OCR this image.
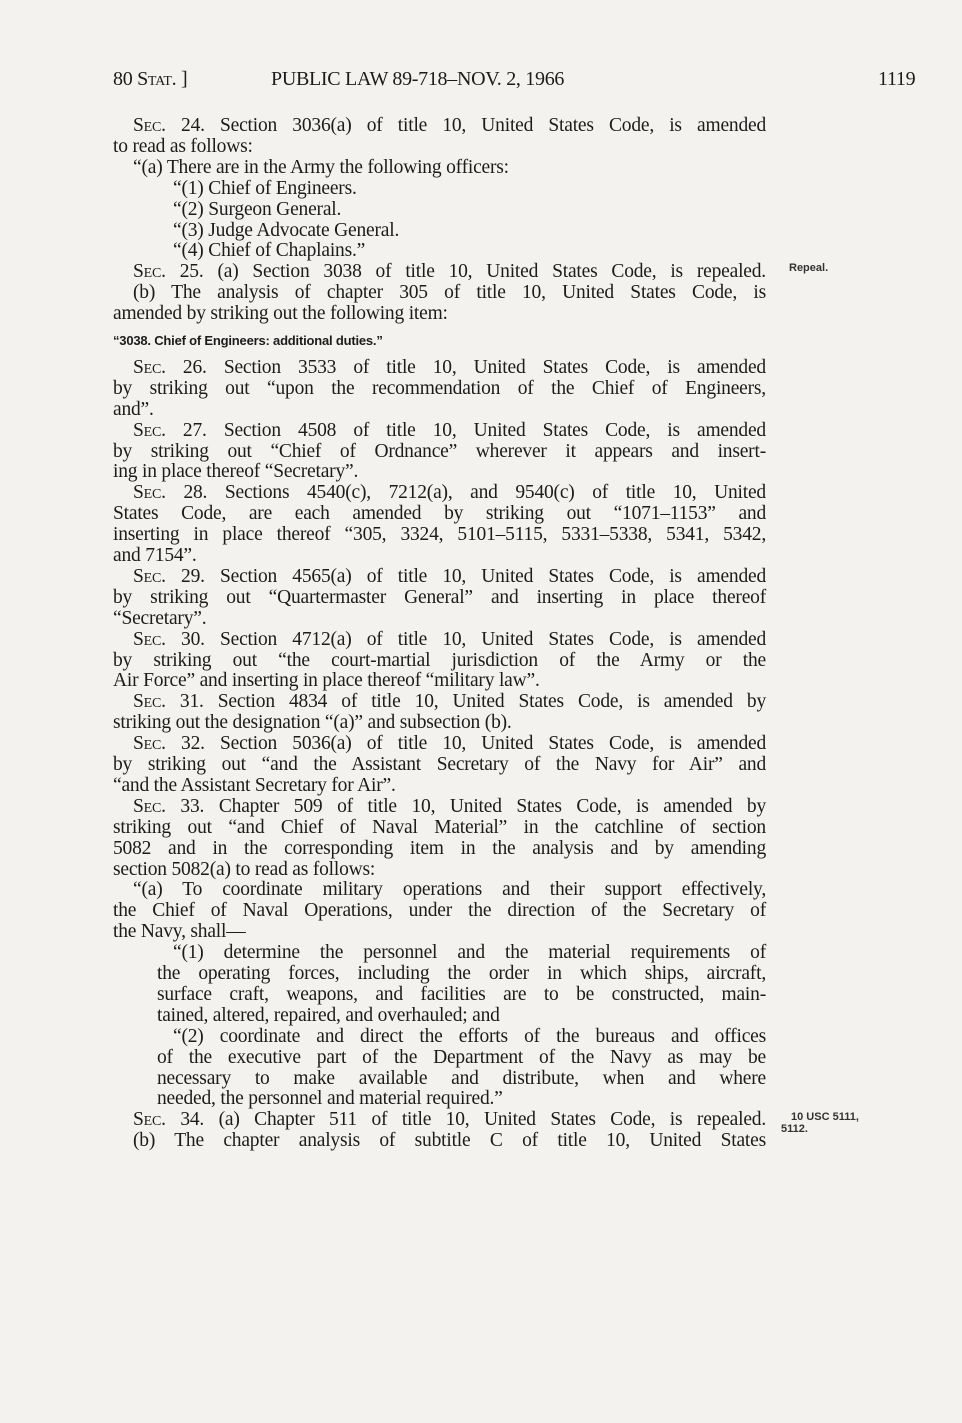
80 Stat. ]	PUBLIC LAW 89-718–NOV. 2, 1966	1119
Sec. 24. Section 3036(a) of title 10, United States Code, is amended
to read as follows:
“(a) There are in the Army the following officers:
“(1) Chief of Engineers.
“(2) Surgeon General.
“(3) Judge Advocate General.
“(4) Chief of Chaplains.”
Sec. 25. (a) Section 3038 of title 10, United States Code, is repealed.
(b) The analysis of chapter 305 of title 10, United States Code, is
amended by striking out the following item:
“3038. Chief of Engineers: additional duties.”
Sec. 26. Section 3533 of title 10, United States Code, is amended
by striking out “upon the recommendation of the Chief of Engineers,
and”.
Sec. 27. Section 4508 of title 10, United States Code, is amended
by striking out “Chief of Ordnance” wherever it appears and insert-
ing in place thereof “Secretary”.
Sec. 28. Sections 4540(c), 7212(a), and 9540(c) of title 10, United
States Code, are each amended by striking out “1071–1153” and
inserting in place thereof “305, 3324, 5101–5115, 5331–5338, 5341, 5342,
and 7154”.
Sec. 29. Section 4565(a) of title 10, United States Code, is amended
by striking out “Quartermaster General” and inserting in place thereof
“Secretary”.
Sec. 30. Section 4712(a) of title 10, United States Code, is amended
by striking out “the court-martial jurisdiction of the Army or the
Air Force” and inserting in place thereof “military law”.
Sec. 31. Section 4834 of title 10, United States Code, is amended by
striking out the designation “(a)” and subsection (b).
Sec. 32. Section 5036(a) of title 10, United States Code, is amended
by striking out “and the Assistant Secretary of the Navy for Air” and
“and the Assistant Secretary for Air”.
Sec. 33. Chapter 509 of title 10, United States Code, is amended by
striking out “and Chief of Naval Material” in the catchline of section
5082 and in the corresponding item in the analysis and by amending
section 5082(a) to read as follows:
“(a) To coordinate military operations and their support effectively,
the Chief of Naval Operations, under the direction of the Secretary of
the Navy, shall—
“(1) determine the personnel and the material requirements of
the operating forces, including the order in which ships, aircraft,
surface craft, weapons, and facilities are to be constructed, main-
tained, altered, repaired, and overhauled; and
“(2) coordinate and direct the efforts of the bureaus and offices
of the executive part of the Department of the Navy as may be
necessary to make available and distribute, when and where
needed, the personnel and material required.”
Sec. 34. (a) Chapter 511 of title 10, United States Code, is repealed.
(b) The chapter analysis of subtitle C of title 10, United States
Repeal.
10 USC 5111,
5112.
